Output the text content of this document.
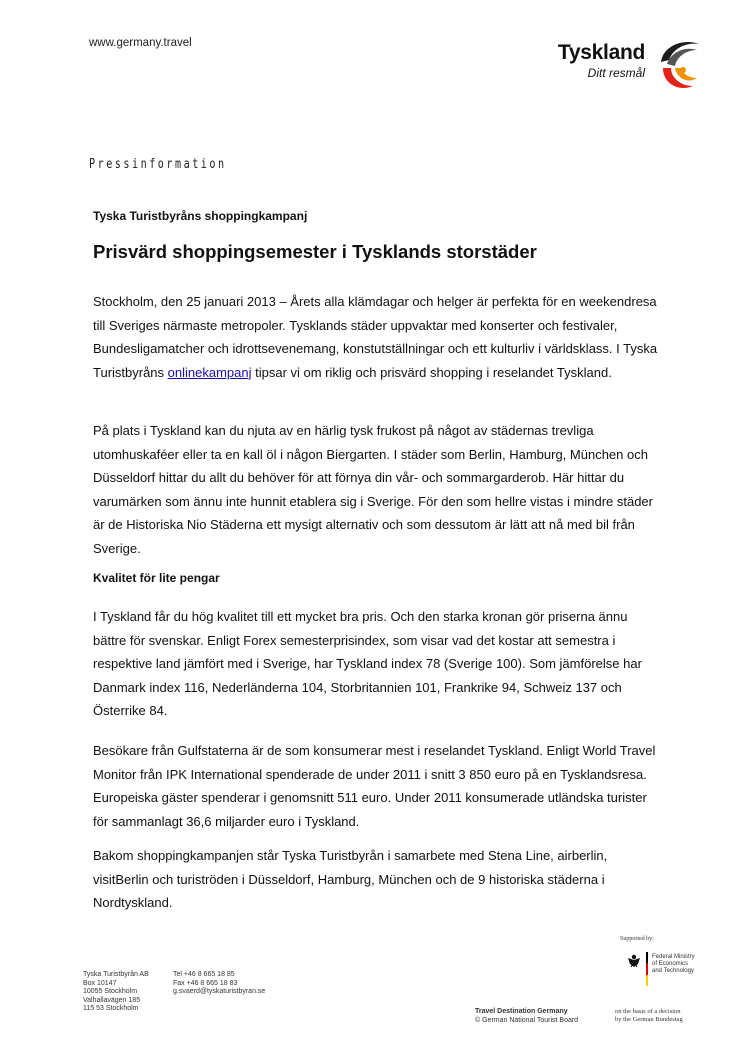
www.germany.travel	Tyskland
Ditt resmål
Pressinformation
Tyska Turistbyråns shoppingkampanj
Prisvärd shoppingsemester i Tysklands storstäder

Stockholm, den 25 januari 2013 – Årets alla klämdagar och helger är perfekta för en weekendresa till Sveriges närmaste metropoler. Tysklands städer uppvaktar med konserter och festivaler, Bundesligamatcher och idrottsevenemang, konstutställningar och ett kulturliv i världsklass. I Tyska Turistbyråns onlinekampanj tipsar vi om riklig och prisvärd shopping i reselandet Tyskland.

På plats i Tyskland kan du njuta av en härlig tysk frukost på något av städernas trevliga utomhuskaféer eller ta en kall öl i någon Biergarten. I städer som Berlin, Hamburg, München och Düsseldorf hittar du allt du behöver för att förnya din vår- och sommargarderob. Här hittar du varumärken som ännu inte hunnit etablera sig i Sverige. För den som hellre vistas i mindre städer är de Historiska Nio Städerna ett mysigt alternativ och som dessutom är lätt att nå med bil från Sverige.

Kvalitet för lite pengar

I Tyskland får du hög kvalitet till ett mycket bra pris. Och den starka kronan gör priserna ännu bättre för svenskar. Enligt Forex semesterprisindex, som visar vad det kostar att semestra i respektive land jämfört med i Sverige, har Tyskland index 78 (Sverige 100). Som jämförelse har Danmark index 116, Nederländerna 104, Storbritannien 101, Frankrike 94, Schweiz 137 och Österrike 84.

Besökare från Gulfstaterna är de som konsumerar mest i reselandet Tyskland. Enligt World Travel Monitor från IPK International spenderade de under 2011 i snitt 3 850 euro på en Tysklandsresa. Europeiska gäster spenderar i genomsnitt 511 euro. Under 2011 konsumerade utländska turister för sammanlagt 36,6 miljarder euro i Tyskland.

Bakom shoppingkampanjen står Tyska Turistbyrån i samarbete med Stena Line, airberlin, visitBerlin och turiströden i Düsseldorf, Hamburg, München och de 9 historiska städerna i Nordtyskland.

Tyska Turistbyrån AB
Box 10147
10055 Stockholm
Valhallavägen 185
115 53 Stockholm
Tel +46 8 665 18 85
Fax +46 8 665 18 83
g.svaerd@tyskaturistbyran.se
Travel Destination Germany
© German National Tourist Board
Supported by:
Federal Ministry
of Economics
and Technology
on the basis of a decision
by the German Bundestag
